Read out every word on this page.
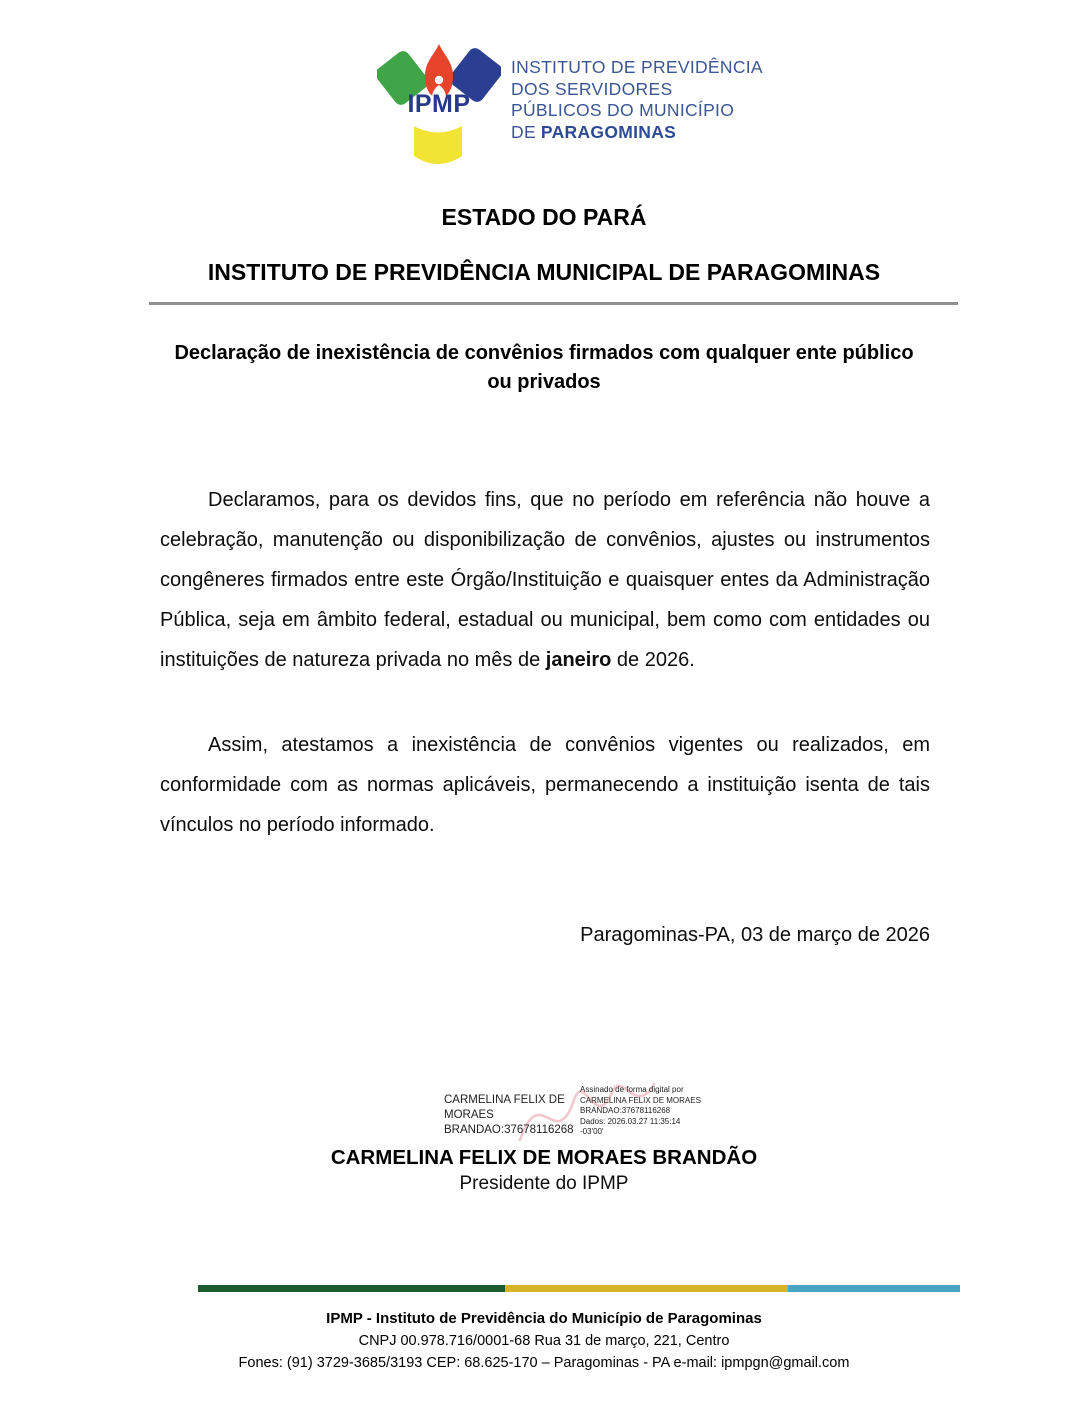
IPMP
INSTITUTO DE PREVIDÊNCIA
DOS SERVIDORES
PÚBLICOS DO MUNICÍPIO
DE PARAGOMINAS
ESTADO DO PARÁ
INSTITUTO DE PREVIDÊNCIA MUNICIPAL DE PARAGOMINAS
Declaração de inexistência de convênios firmados com qualquer ente público ou privados

Declaramos, para os devidos fins, que no período em referência não houve a celebração, manutenção ou disponibilização de convênios, ajustes ou instrumentos congêneres firmados entre este Órgão/Instituição e quaisquer entes da Administração Pública, seja em âmbito federal, estadual ou municipal, bem como com entidades ou instituições de natureza privada no mês de janeiro de 2026.

Assim, atestamos a inexistência de convênios vigentes ou realizados, em conformidade com as normas aplicáveis, permanecendo a instituição isenta de tais vínculos no período informado.

Paragominas-PA, 03 de março de 2026
CARMELINA FELIX DE
MORAES
BRANDAO:37678116268
Assinado de forma digital por
CARMELINA FELIX DE MORAES
BRANDAO:37678116268
Dados: 2026.03.27 11:35:14
-03'00'
CARMELINA FELIX DE MORAES BRANDÃO
Presidente do IPMP
IPMP - Instituto de Previdência do Município de Paragominas
CNPJ 00.978.716/0001-68 Rua 31 de março, 221, Centro
Fones: (91) 3729-3685/3193 CEP: 68.625-170 – Paragominas - PA e-mail: ipmpgn@gmail.com
